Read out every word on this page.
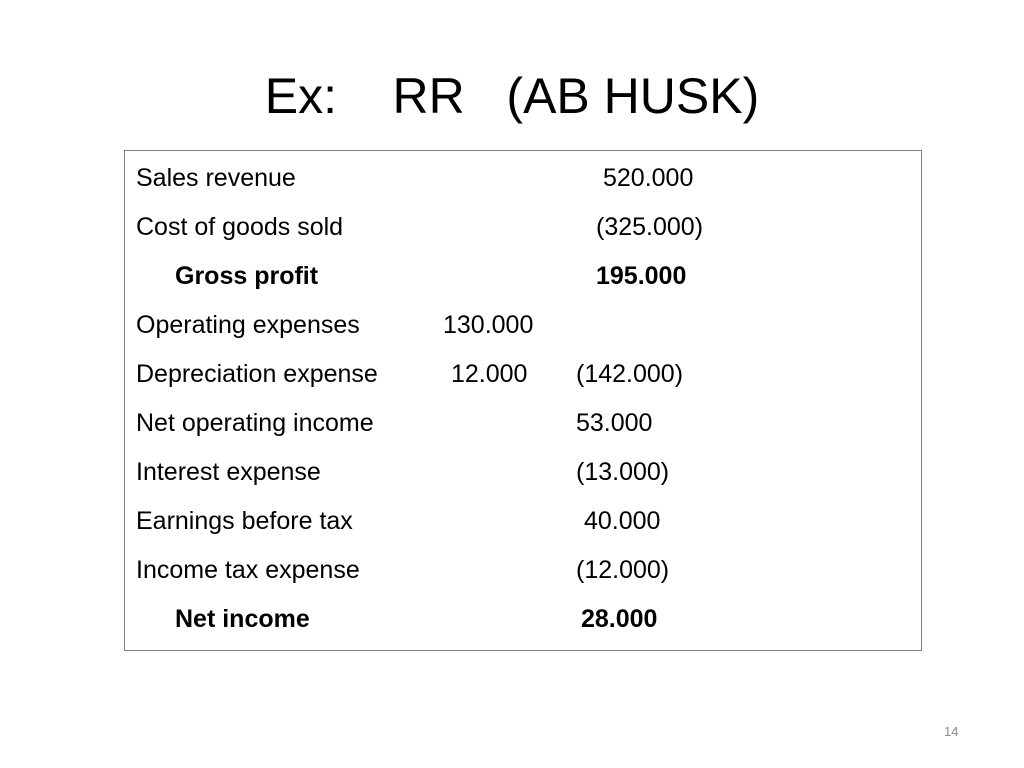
Ex:    RR   (AB HUSK)
Sales revenue	520.000
Cost of goods sold	(325.000)
Gross profit	195.000
Operating expenses	130.000
Depreciation expense	12.000 (142.000)
Net operating income	53.000
Interest expense	(13.000)
Earnings before tax	40.000
Income tax expense	(12.000)
Net income	28.000
14
